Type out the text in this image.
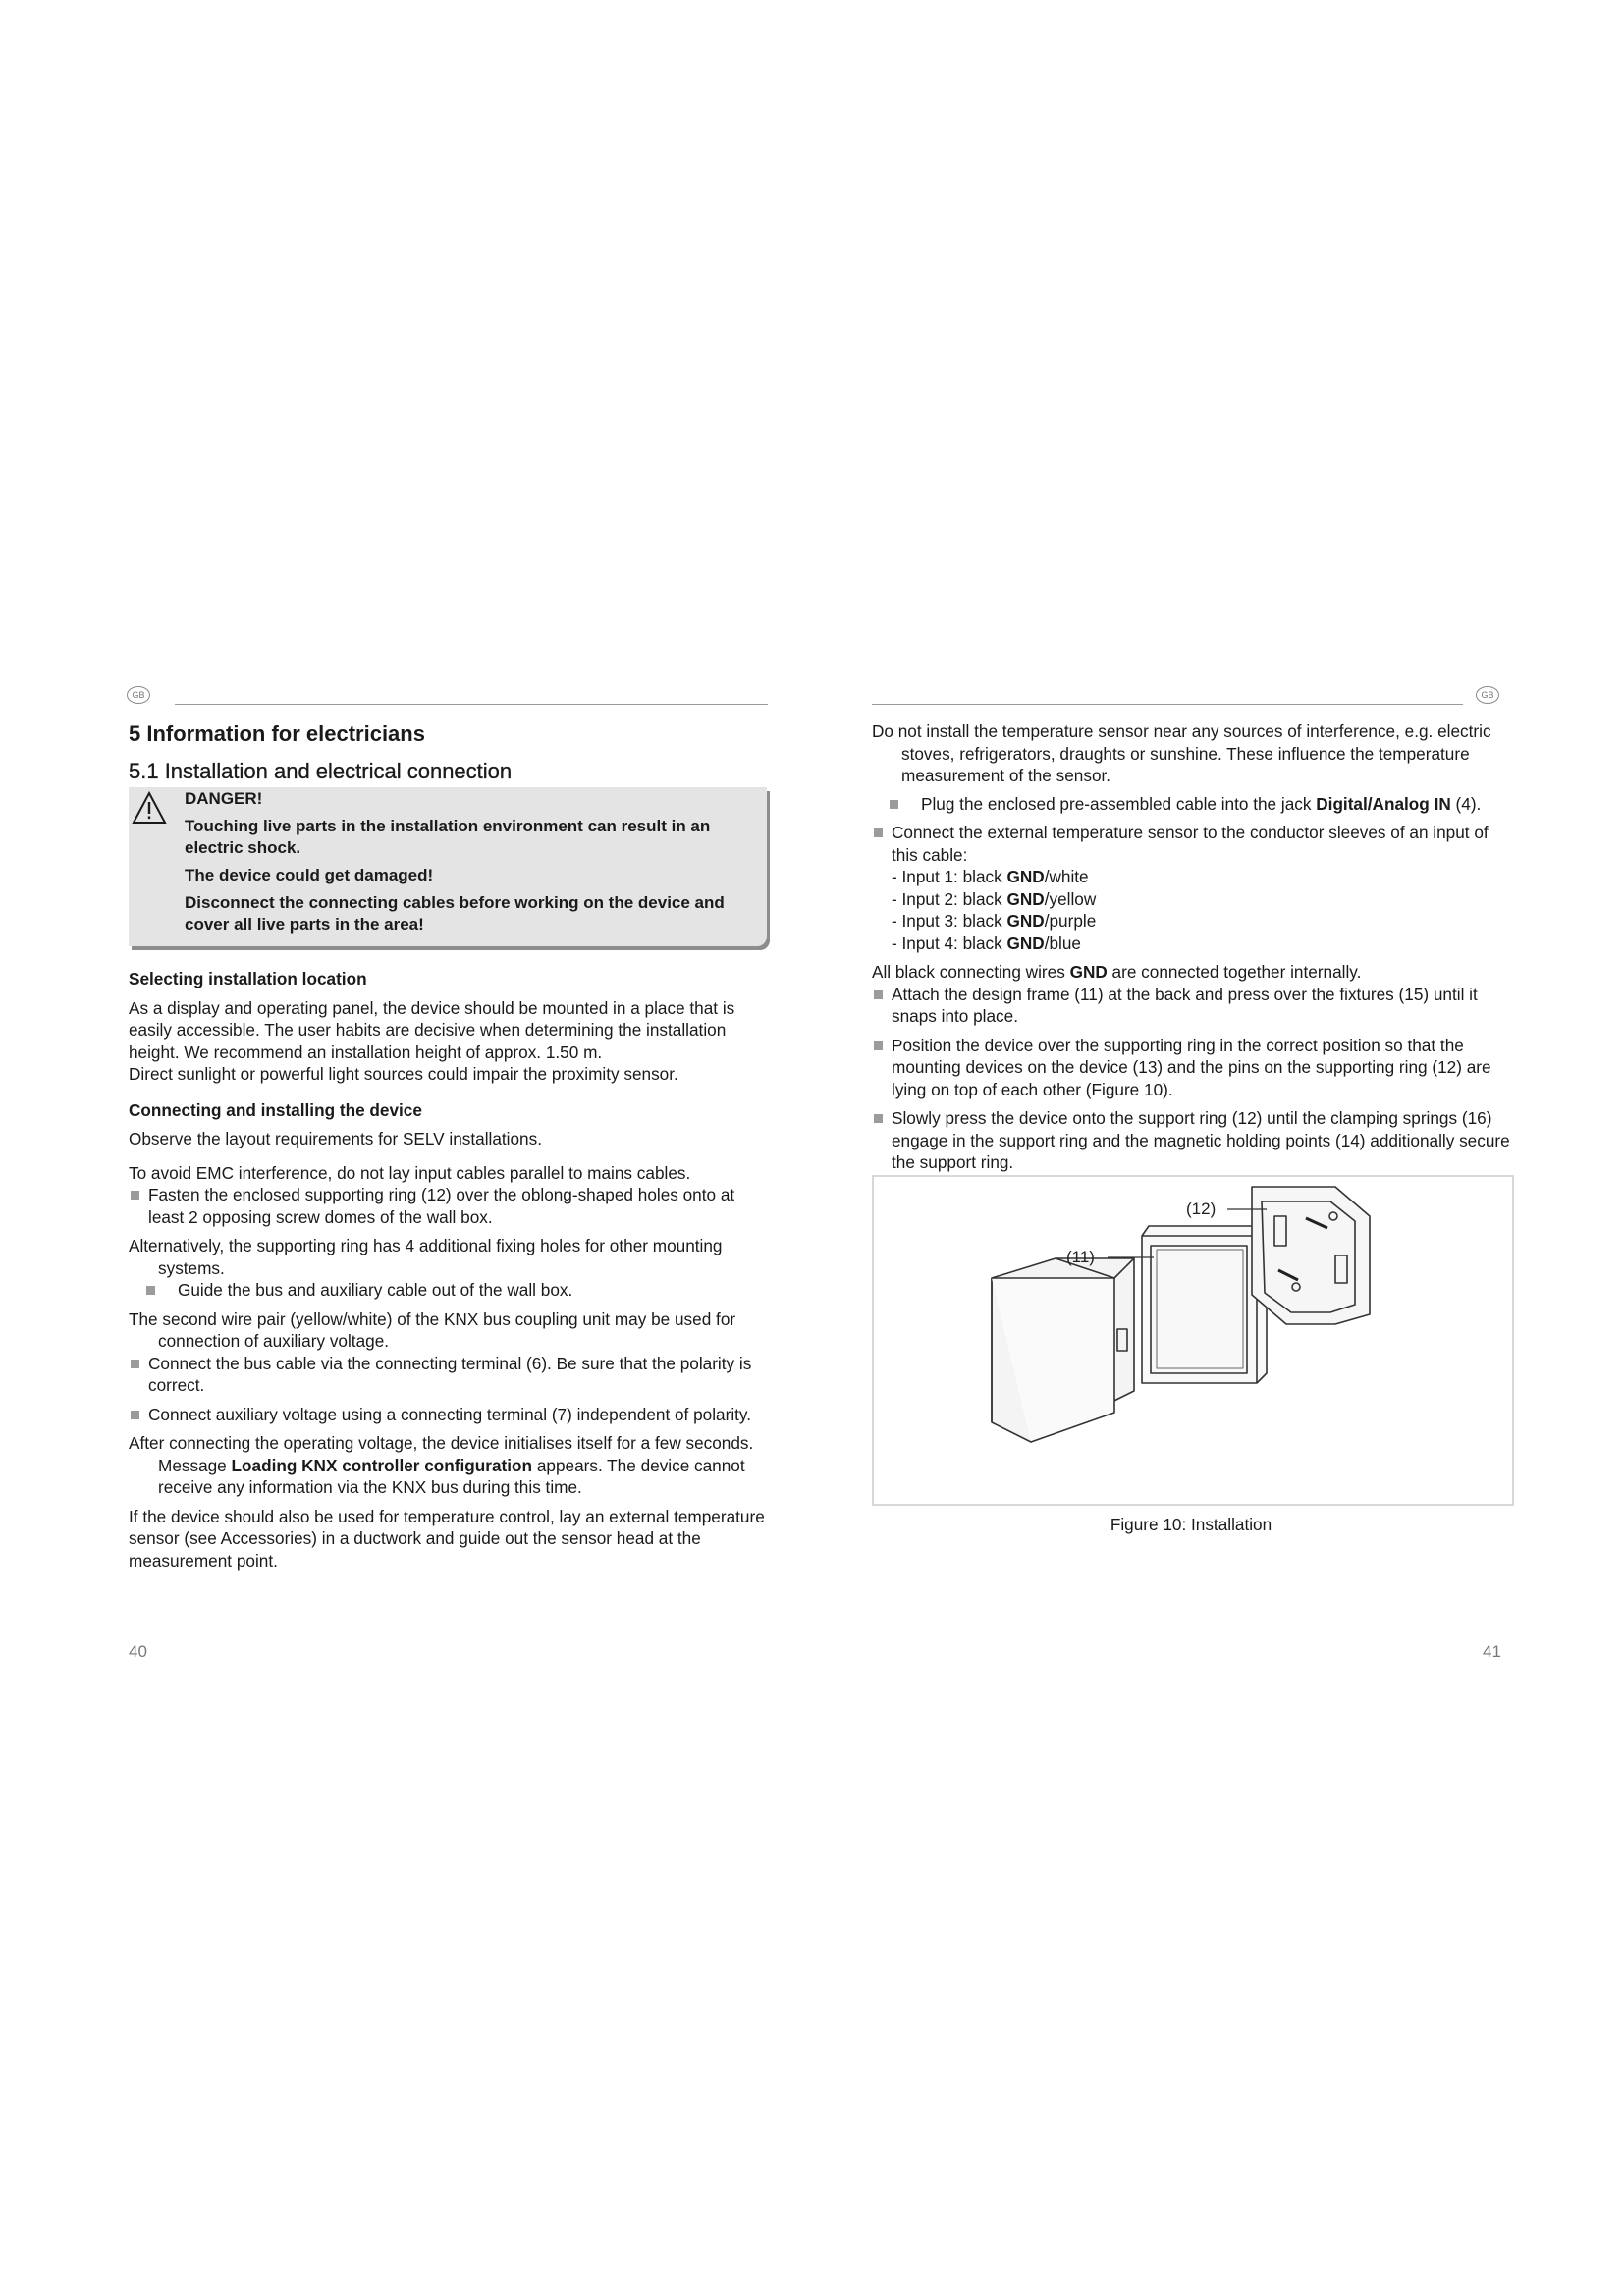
GB
5 Information for electricians
5.1 Installation and electrical connection

DANGER!

Touching live parts in the installation environment can result in an electric shock.

The device could get damaged!

Disconnect the connecting cables before working on the device and cover all live parts in the area!

Selecting installation location

As a display and operating panel, the device should be mounted in a place that is easily accessible. The user habits are decisive when determining the installation height. We recommend an installation height of approx. 1.50 m.

Direct sunlight or powerful light sources could impair the proximity sensor.

Connecting and installing the device

Observe the layout requirements for SELV installations.

To avoid EMC interference, do not lay input cables parallel to mains cables.

Fasten the enclosed supporting ring (12) over the oblong-shaped holes onto at least 2 opposing screw domes of the wall box.

Alternatively, the supporting ring has 4 additional fixing holes for other mounting systems.

Guide the bus and auxiliary cable out of the wall box.

The second wire pair (yellow/white) of the KNX bus coupling unit may be used for connection of auxiliary voltage.

Connect the bus cable via the connecting terminal (6). Be sure that the polarity is correct.

Connect auxiliary voltage using a connecting terminal (7) independent of polarity.

After connecting the operating voltage, the device initialises itself for a few seconds. Message Loading KNX controller configuration appears. The device cannot receive any information via the KNX bus during this time.

If the device should also be used for temperature control, lay an external temperature sensor (see Accessories) in a ductwork and guide out the sensor head at the measurement point.

40
GB

Do not install the temperature sensor near any sources of interference, e.g. electric stoves, refrigerators, draughts or sunshine. These influence the temperature measurement of the sensor.

Plug the enclosed pre-assembled cable into the jack Digital/Analog IN (4).

Connect the external temperature sensor to the conductor sleeves of an input of this cable:

- Input 1: black GND/white

- Input 2: black GND/yellow

- Input 3: black GND/purple

- Input 4: black GND/blue

All black connecting wires GND are connected together internally.

Attach the design frame (11) at the back and press over the fixtures (15) until it snaps into place.

Position the device over the supporting ring in the correct position so that the mounting devices on the device (13) and the pins on the supporting ring (12) are lying on top of each other (Figure 10).

Slowly press the device onto the support ring (12) until the clamping springs (16) engage in the support ring and the magnetic holding points (14) additionally secure the support ring.

(12)
(11)
Figure 10: Installation
41
